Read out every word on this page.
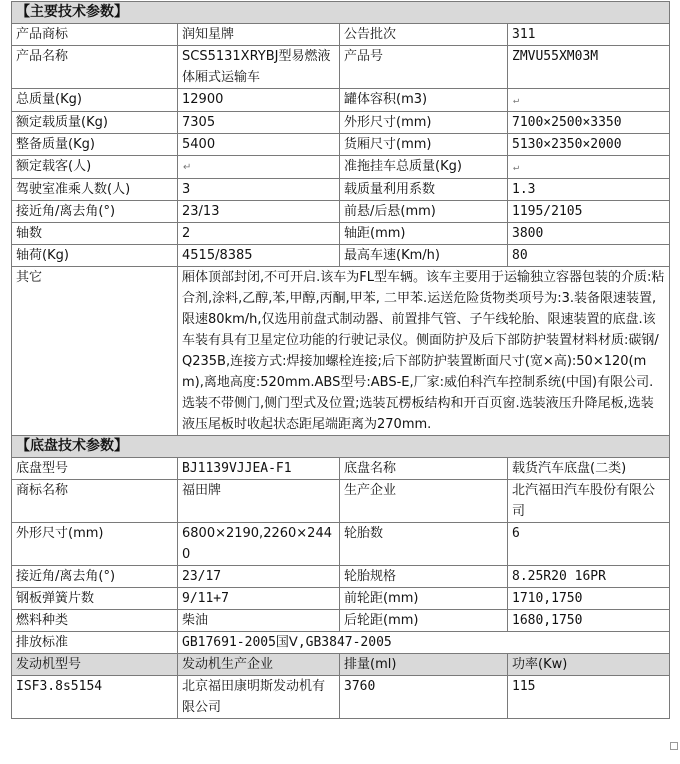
【主要技术参数】			
产品商标	润知星牌	公告批次	311
产品名称	SCS5131XRYBJ型易燃液体厢式运输车	产品号	ZMVU55XM03M
总质量(Kg)	12900	罐体容积(m3)	↵
额定载质量(Kg)	7305	外形尺寸(mm)	7100×2500×3350
整备质量(Kg)	5400	货厢尺寸(mm)	5130×2350×2000
额定载客(人)	↵	准拖挂车总质量(Kg)	↵
驾驶室准乘人数(人)	3	载质量利用系数	1.3
接近角/离去角(°)	23/13	前悬/后悬(mm)	1195/2105
轴数	2	轴距(mm)	3800
轴荷(Kg)	4515/8385	最高车速(Km/h)	80
其它	厢体顶部封闭,不可开启.该车为FL型车辆。该车主要用于运输独立容器包装的介质:粘合剂,涂料,乙醇,苯,甲醇,丙酮,甲苯, 二甲苯.运送危险货物类项号为:3.装备限速装置,限速80km/h,仅选用前盘式制动器、前置排气管、子午线轮胎、限速装置的底盘.该车装有具有卫星定位功能的行驶记录仪。侧面防护及后下部防护装置材料材质:碳钢/Q235B,连接方式:焊接加螺栓连接;后下部防护装置断面尺寸(宽×高):50×120(mm),离地高度:520mm.ABS型号:ABS-E,厂家:威伯科汽车控制系统(中国)有限公司.选装不带侧门,侧门型式及位置;选装瓦楞板结构和开百页窗.选装液压升降尾板,选装液压尾板时收起状态距尾端距离为270mm.		
【底盘技术参数】			
底盘型号	BJ1139VJJEA-F1	底盘名称	载货汽车底盘(二类)
商标名称	福田牌	生产企业	北汽福田汽车股份有限公司
外形尺寸(mm)	6800×2190,2260×2440	轮胎数	6
接近角/离去角(°)	23/17	轮胎规格	8.25R20 16PR
钢板弹簧片数	9/11+7	前轮距(mm)	1710,1750
燃料种类	柴油	后轮距(mm)	1680,1750
排放标准	GB17691-2005国Ⅴ,GB3847-2005		
发动机型号	发动机生产企业	排量(ml)	功率(Kw)
ISF3.8s5154	北京福田康明斯发动机有限公司	3760	115
